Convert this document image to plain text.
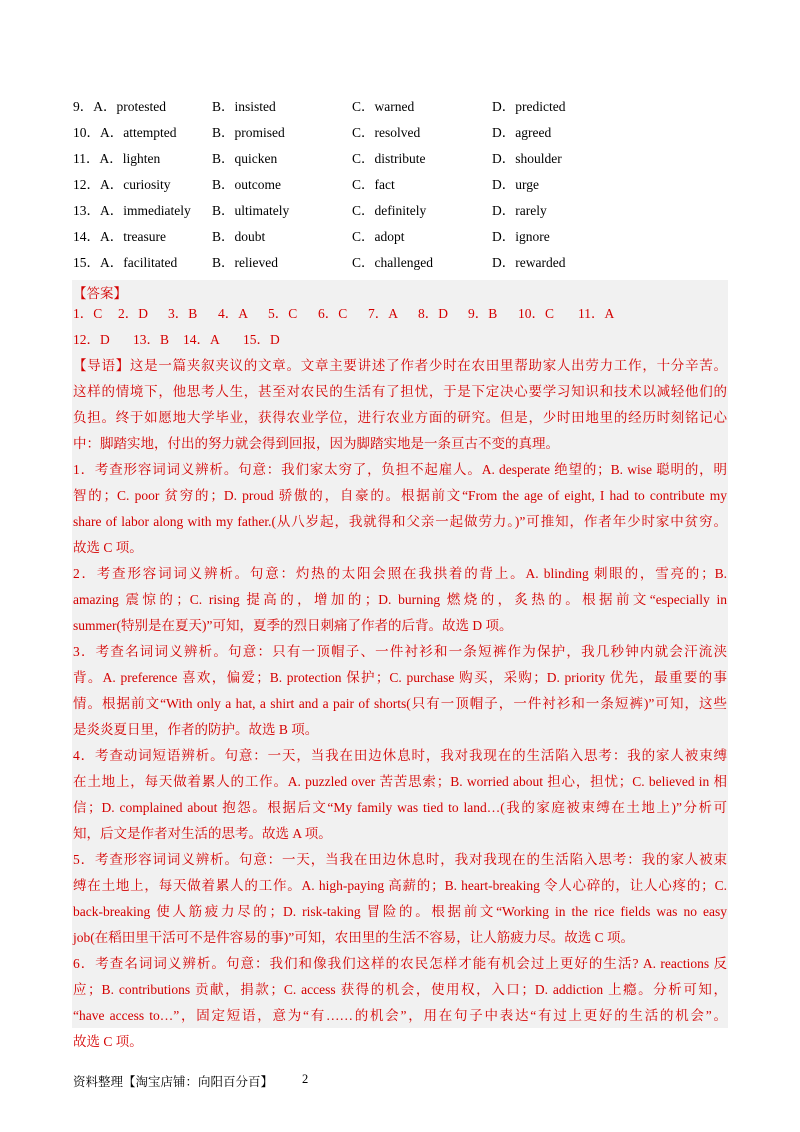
9．A．protested	B．insisted	C．warned	D．predicted
10．A．attempted	B．promised	C．resolved	D．agreed
11．A．lighten	B．quicken	C．distribute	D．shoulder
12．A．curiosity	B．outcome	C．fact	D．urge
13．A．immediately	B．ultimately	C．definitely	D．rarely
14．A．treasure	B．doubt	C．adopt	D．ignore
15．A．facilitated	B．relieved	C．challenged	D．rewarded
【答案】
1．C 2．D 3．B 4．A 5．C 6．C 7．A 8．D 9．B 10．C 11．A
12．D 13．B 14．A 15．D
【导语】这是一篇夹叙夹议的文章。文章主要讲述了作者少时在农田里帮助家人出劳力工作，十分辛苦。
这样的情境下，他思考人生，甚至对农民的生活有了担忧，于是下定决心要学习知识和技术以减轻他们的
负担。终于如愿地大学毕业，获得农业学位，进行农业方面的研究。但是，少时田地里的经历时刻铭记心
中：脚踏实地，付出的努力就会得到回报，因为脚踏实地是一条亘古不变的真理。
1．考查形容词词义辨析。句意：我们家太穷了，负担不起雇人。A. desperate 绝望的；B. wise 聪明的，明
智的；C. poor 贫穷的；D. proud 骄傲的，自豪的。根据前文“From the age of eight, I had to contribute my
share of labor along with my father.(从八岁起，我就得和父亲一起做劳力。)”可推知，作者年少时家中贫穷。
故选 C 项。
2．考查形容词词义辨析。句意：灼热的太阳会照在我拱着的背上。A. blinding 刺眼的，雪亮的；B.
amazing 震惊的；C. rising 提高的，增加的；D. burning 燃烧的，炙热的。根据前文“especially in
summer(特别是在夏天)”可知，夏季的烈日刺痛了作者的后背。故选 D 项。
3．考查名词词义辨析。句意：只有一顶帽子、一件衬衫和一条短裤作为保护，我几秒钟内就会汗流浃
背。A. preference 喜欢，偏爱；B. protection 保护；C. purchase 购买，采购；D. priority 优先，最重要的事
情。根据前文“With only a hat, a shirt and a pair of shorts(只有一顶帽子，一件衬衫和一条短裤)”可知，这些
是炎炎夏日里，作者的防护。故选 B 项。
4．考查动词短语辨析。句意：一天，当我在田边休息时，我对我现在的生活陷入思考：我的家人被束缚
在土地上，每天做着累人的工作。A. puzzled over 苦苦思索；B. worried about 担心，担忧；C. believed in 相
信；D. complained about 抱怨。根据后文“My family was tied to land…(我的家庭被束缚在土地上)”分析可
知，后文是作者对生活的思考。故选 A 项。
5．考查形容词词义辨析。句意：一天，当我在田边休息时，我对我现在的生活陷入思考：我的家人被束
缚在土地上，每天做着累人的工作。A. high-paying 高薪的；B. heart-breaking 令人心碎的，让人心疼的；C.
back-breaking 使人筋疲力尽的；D. risk-taking 冒险的。根据前文“Working in the rice fields was no easy
job(在稻田里干活可不是件容易的事)”可知，农田里的生活不容易，让人筋疲力尽。故选 C 项。
6．考查名词词义辨析。句意：我们和像我们这样的农民怎样才能有机会过上更好的生活? A. reactions 反
应；B. contributions 贡献，捐款；C. access 获得的机会，使用权，入口；D. addiction 上瘾。分析可知，
“have access to…”，固定短语，意为“有……的机会”，用在句子中表达“有过上更好的生活的机会”。
故选 C 项。
资料整理【淘宝店铺：向阳百分百】 2
